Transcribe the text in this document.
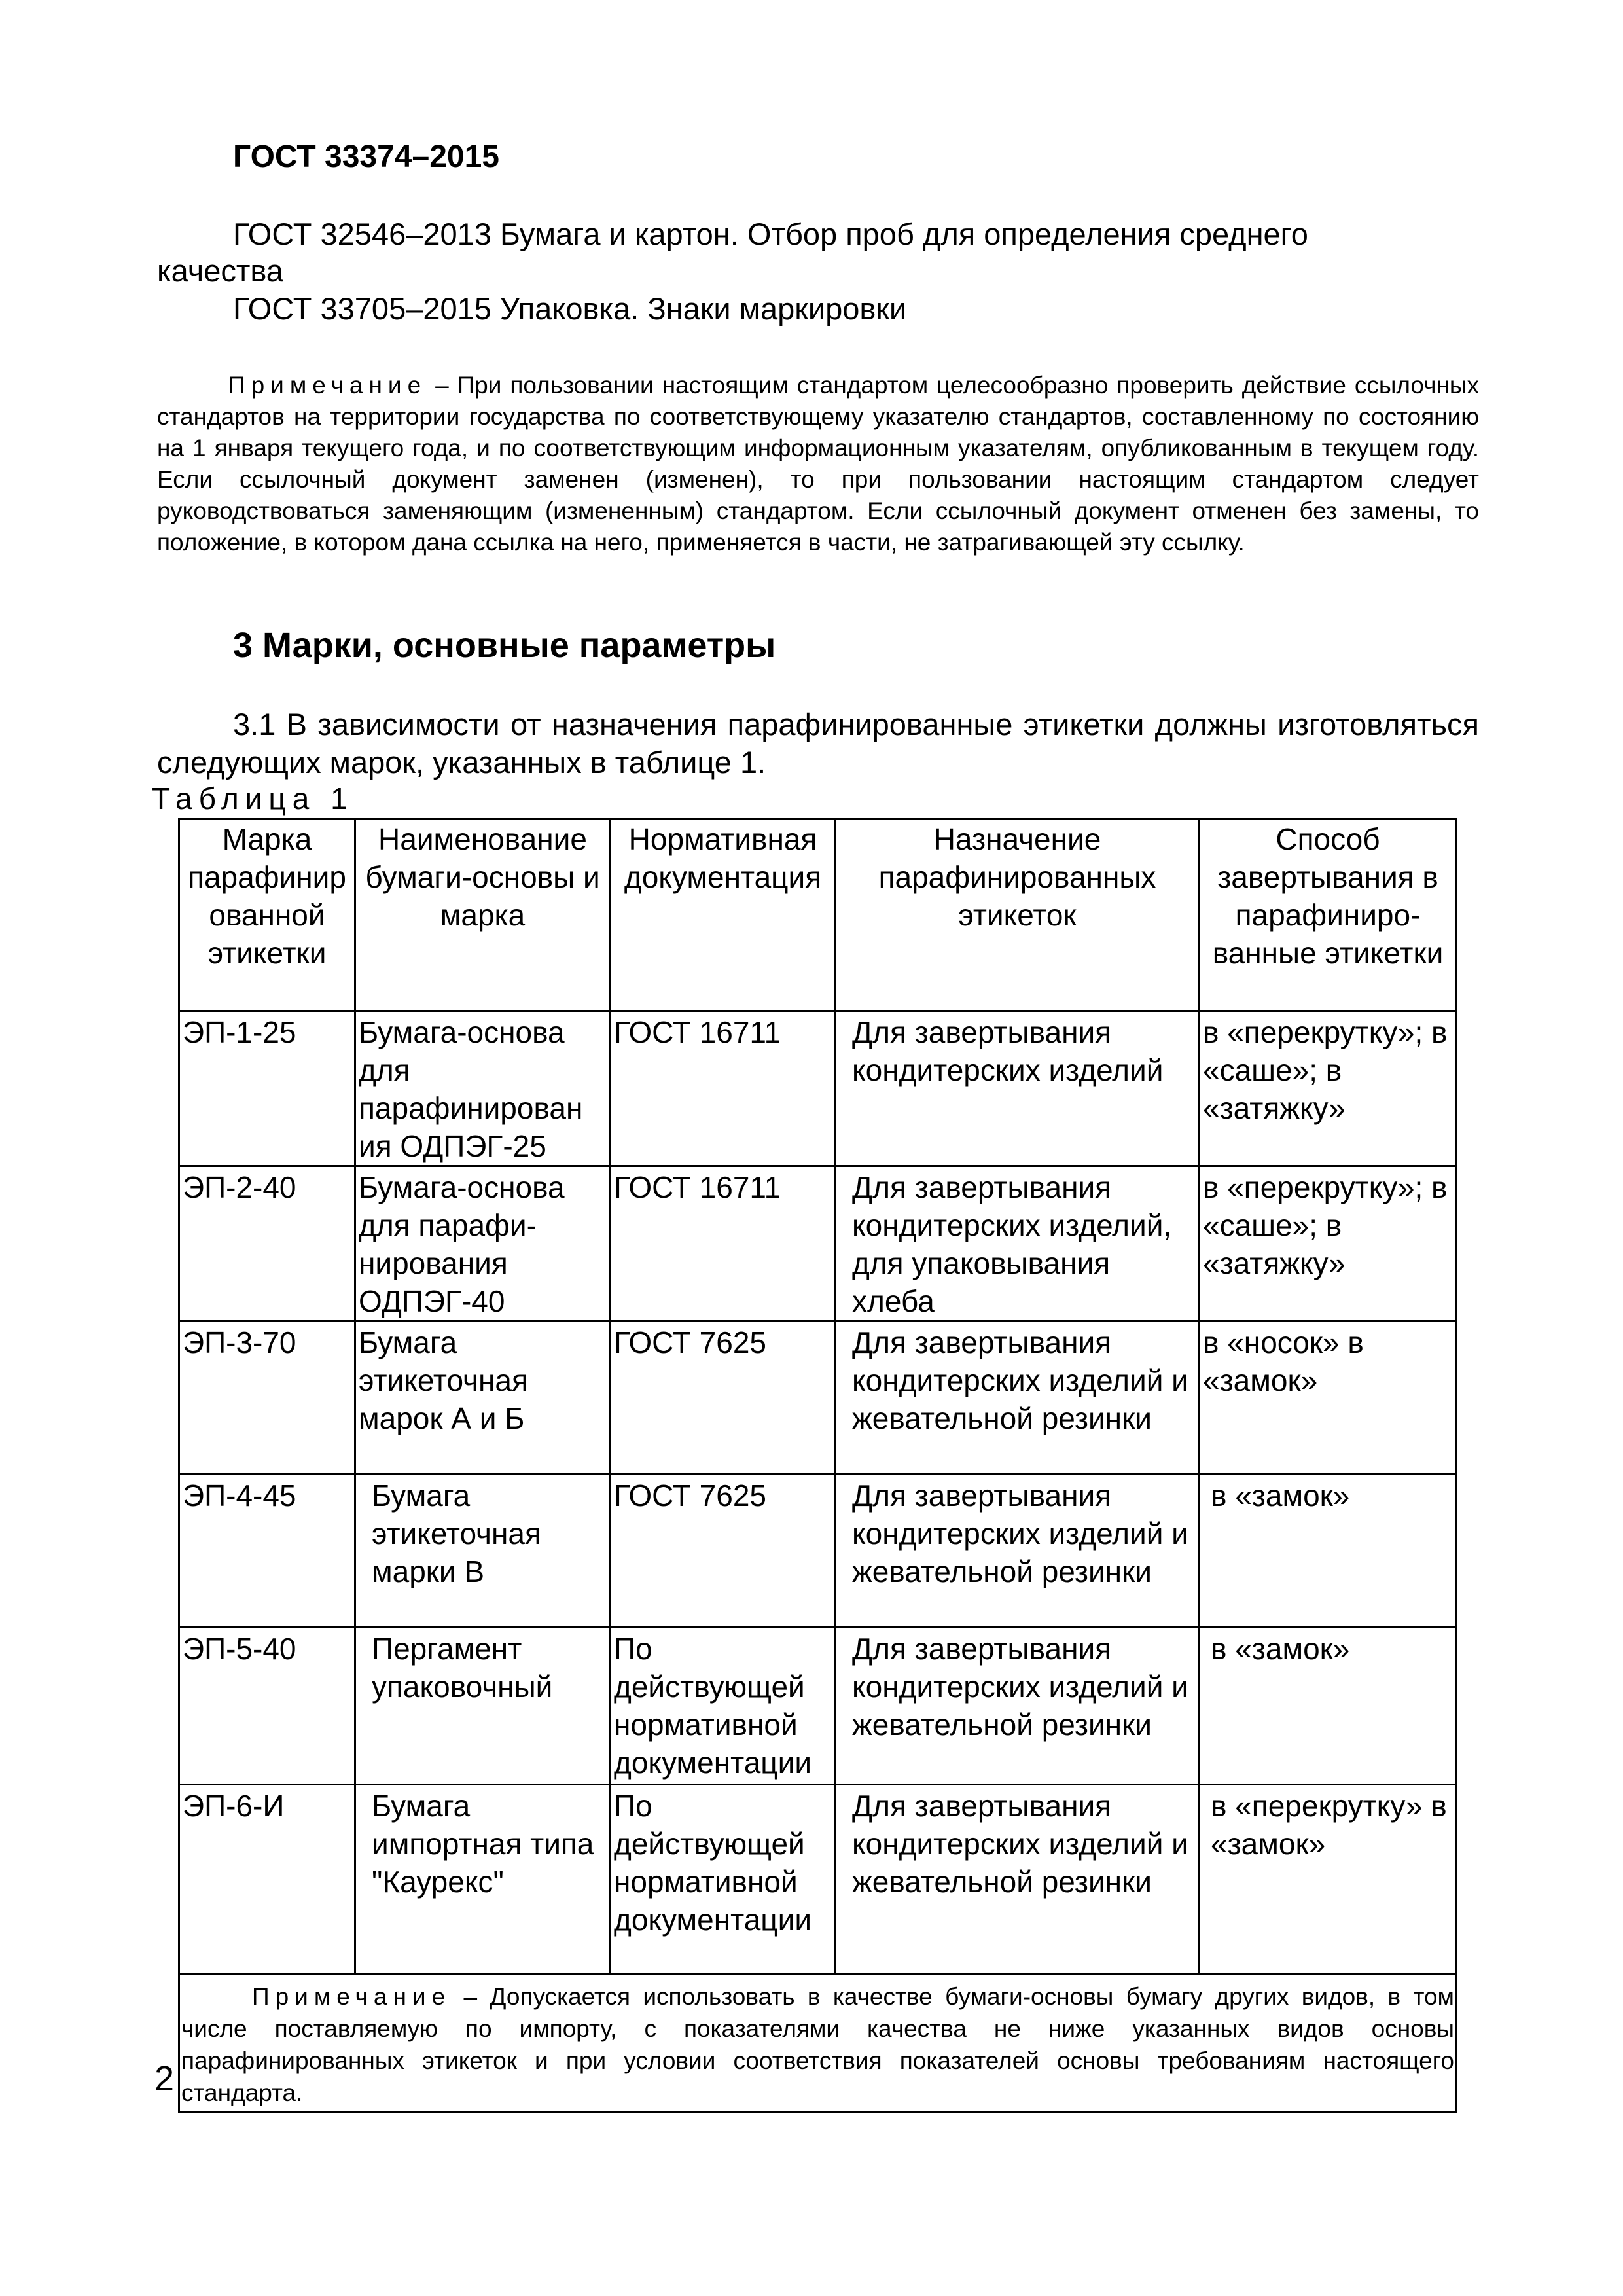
ГОСТ 33374–2015

ГОСТ 32546–2013 Бумага и картон. Отбор проб для определения среднего
качества

ГОСТ 33705–2015 Упаковка. Знаки маркировки

Примечание – При пользовании настоящим стандартом целесообразно проверить действие ссылочных стандартов на территории государства по соответствующему указателю стандартов, составленному по состоянию на 1 января текущего года, и по соответствующим информационным указателям, опубликованным в текущем году. Если ссылочный документ заменен (изменен), то при пользовании настоящим стандартом следует руководствоваться заменяющим (измененным) стандартом. Если ссылочный документ отменен без замены, то положение, в котором дана ссылка на него, применяется в части, не затрагивающей эту ссылку.

3 Марки, основные параметры

3.1 В зависимости от назначения парафинированные этикетки должны изготовляться следующих марок, указанных в таблице 1.

Таблица 1
Марка парафинир ованной этикетки	Наименование бумаги-основы и марка	Нормативная документация	Назначение парафинированных этикеток	Способ завертывания в парафиниро-ванные этикетки
ЭП-1-25	Бумага-основа для парафинирован ия ОДПЭГ-25	ГОСТ 16711	Для завертывания кондитерских изделий	в «перекрутку»; в «саше»; в «затяжку»
ЭП-2-40	Бумага-основа для парафи-нирования ОДПЭГ-40	ГОСТ 16711	Для завертывания кондитерских изделий, для упаковывания хлеба	в «перекрутку»; в «саше»; в «затяжку»
ЭП-3-70	Бумага этикеточная марок А и Б	ГОСТ 7625	Для завертывания кондитерских изделий и жевательной резинки	в «носок» в «замок»
ЭП-4-45	Бумага этикеточная марки В	ГОСТ 7625	Для завертывания кондитерских изделий и жевательной резинки	в «замок»
ЭП-5-40	Пергамент упаковочный	По действующей нормативной документации	Для завертывания кондитерских изделий и жевательной резинки	в «замок»
ЭП-6-И	Бумага импортная типа "Каурекс"	По действующей нормативной документации	Для завертывания кондитерских изделий и жевательной резинки	в «перекрутку» в «замок»
Примечание – Допускается использовать в качестве бумаги-основы бумагу других видов, в том числе поставляемую по импорту, с показателями качества не ниже указанных видов основы парафинированных этикеток и при условии соответствия показателей основы требованиям настоящего стандарта.				
2
